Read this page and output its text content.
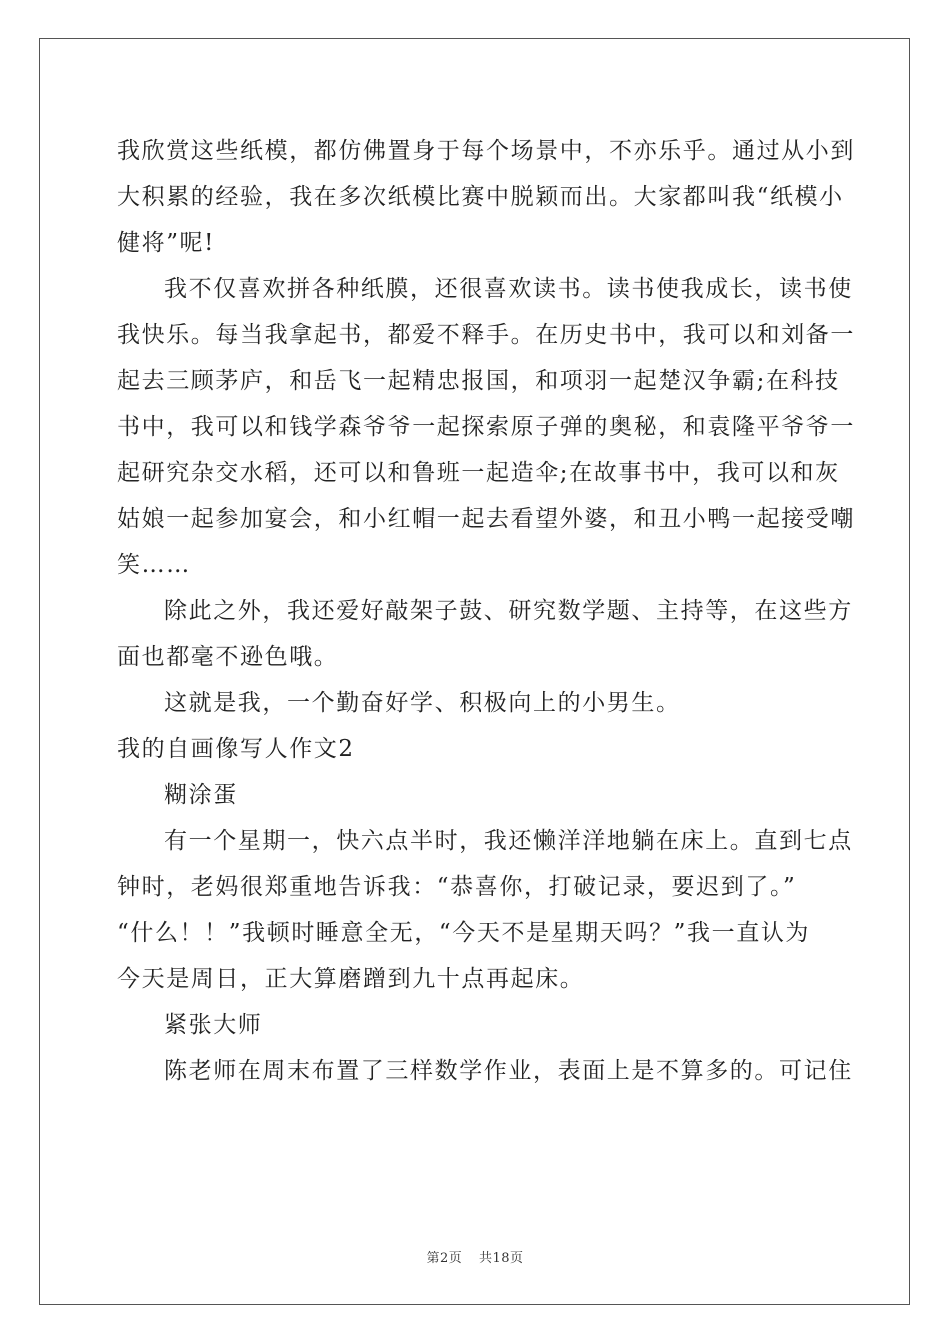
我欣赏这些纸模，都仿佛置身于每个场景中，不亦乐乎。通过从小到
大积累的经验，我在多次纸模比赛中脱颖而出。大家都叫我“纸模小
健将”呢!
我不仅喜欢拼各种纸膜，还很喜欢读书。读书使我成长，读书使
我快乐。每当我拿起书，都爱不释手。在历史书中，我可以和刘备一
起去三顾茅庐，和岳飞一起精忠报国，和项羽一起楚汉争霸;在科技
书中，我可以和钱学森爷爷一起探索原子弹的奥秘，和袁隆平爷爷一
起研究杂交水稻，还可以和鲁班一起造伞;在故事书中，我可以和灰
姑娘一起参加宴会，和小红帽一起去看望外婆，和丑小鸭一起接受嘲
笑……
除此之外，我还爱好敲架子鼓、研究数学题、主持等，在这些方
面也都毫不逊色哦。
这就是我，一个勤奋好学、积极向上的小男生。
我的自画像写人作文2
糊涂蛋
有一个星期一，快六点半时，我还懒洋洋地躺在床上。直到七点
钟时，老妈很郑重地告诉我：“恭喜你，打破记录，要迟到了。”
“什么！！”我顿时睡意全无，“今天不是星期天吗？”我一直认为
今天是周日，正大算磨蹭到九十点再起床。
紧张大师
陈老师在周末布置了三样数学作业，表面上是不算多的。可记住
第2页 共18页
